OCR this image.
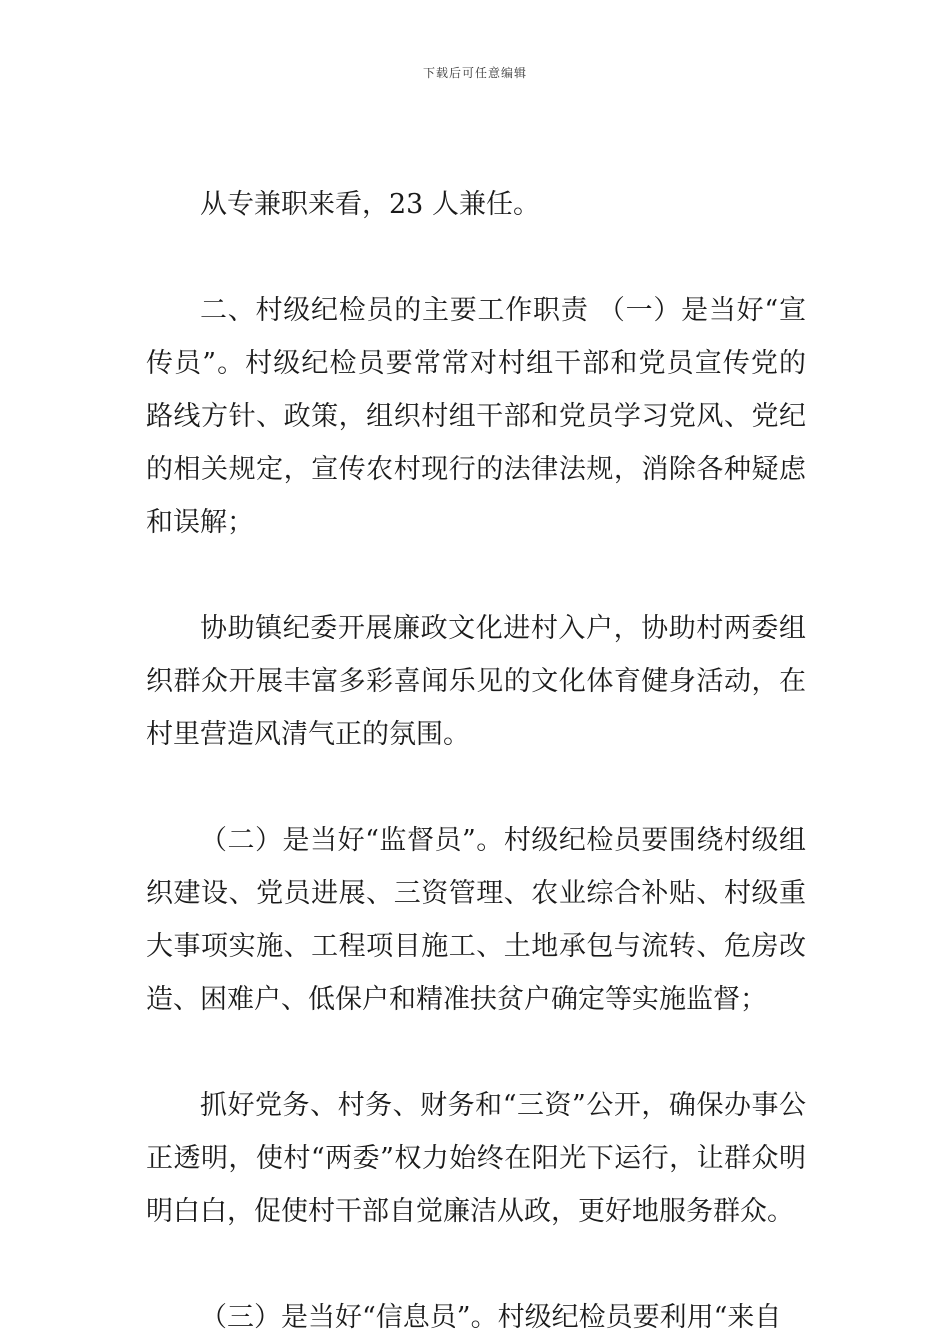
下载后可任意编辑

从专兼职来看，23 人兼任。

二、村级纪检员的主要工作职责 （一）是当好“宣传员”。村级纪检员要常常对村组干部和党员宣传党的路线方针、政策，组织村组干部和党员学习党风、党纪的相关规定，宣传农村现行的法律法规，消除各种疑虑和误解；

协助镇纪委开展廉政文化进村入户，协助村两委组织群众开展丰富多彩喜闻乐见的文化体育健身活动，在村里营造风清气正的氛围。

（二）是当好“监督员”。村级纪检员要围绕村级组织建设、党员进展、三资管理、农业综合补贴、村级重大事项实施、工程项目施工、土地承包与流转、危房改造、困难户、低保户和精准扶贫户确定等实施监督；

抓好党务、村务、财务和“三资”公开，确保办事公正透明，使村“两委”权力始终在阳光下运行，让群众明明白白，促使村干部自觉廉洁从政，更好地服务群众。

（三）是当好“信息员”。村级纪检员要利用“来自
